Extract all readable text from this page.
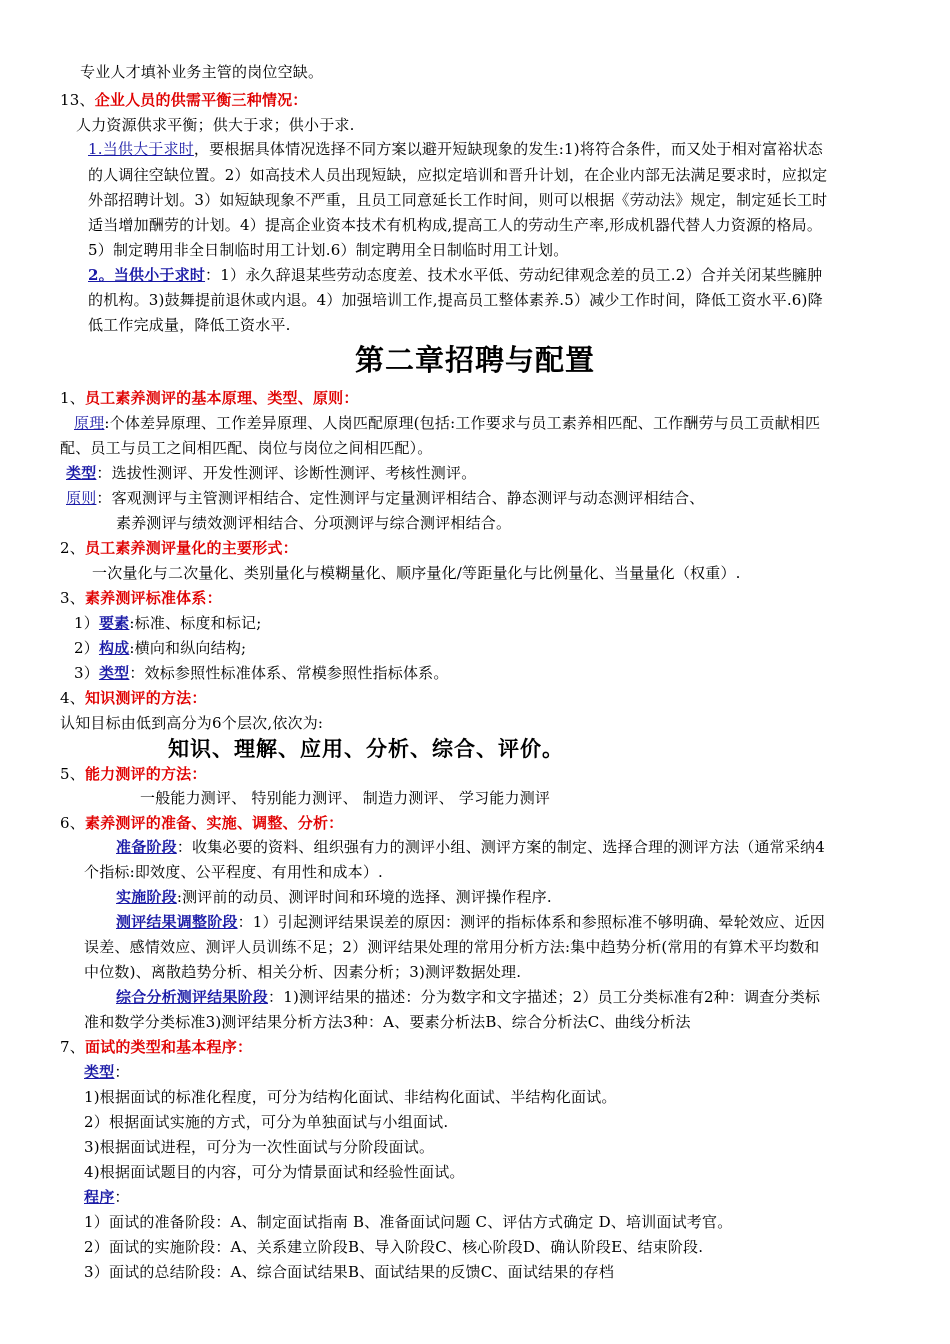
专业人才填补业务主管的岗位空缺。
13、企业人员的供需平衡三种情况：
人力资源供求平衡；供大于求；供小于求.
1.当供大于求时，要根据具体情况选择不同方案以避开短缺现象的发生:1)将符合条件，而又处于相对富裕状态
的人调往空缺位置。2）如高技术人员出现短缺，应拟定培训和晋升计划，在企业内部无法满足要求时，应拟定
外部招聘计划。3）如短缺现象不严重，且员工同意延长工作时间，则可以根据《劳动法》规定，制定延长工时
适当增加酬劳的计划。4）提高企业资本技术有机构成,提高工人的劳动生产率,形成机器代替人力资源的格局。
5）制定聘用非全日制临时用工计划.6）制定聘用全日制临时用工计划。
2。当供小于求时：1）永久辞退某些劳动态度差、技术水平低、劳动纪律观念差的员工.2）合并关闭某些臃肿
的机构。3)鼓舞提前退休或内退。4）加强培训工作,提高员工整体素养.5）减少工作时间，降低工资水平.6)降
低工作完成量，降低工资水平.
第二章招聘与配置
1、员工素养测评的基本原理、类型、原则：
原理:个体差异原理、工作差异原理、人岗匹配原理(包括:工作要求与员工素养相匹配、工作酬劳与员工贡献相匹
配、员工与员工之间相匹配、岗位与岗位之间相匹配）。
类型：选拔性测评、开发性测评、诊断性测评、考核性测评。
原则：客观测评与主管测评相结合、定性测评与定量测评相结合、静态测评与动态测评相结合、
素养测评与绩效测评相结合、分项测评与综合测评相结合。
2、员工素养测评量化的主要形式：
一次量化与二次量化、类别量化与模糊量化、顺序量化/等距量化与比例量化、当量量化（权重）.
3、素养测评标准体系：
1）要素:标准、标度和标记;
2）构成:横向和纵向结构;
3）类型：效标参照性标准体系、常模参照性指标体系。
4、知识测评的方法：
认知目标由低到高分为6个层次,依次为:
知识、理解、应用、分析、综合、评价。
5、能力测评的方法：
一般能力测评、 特别能力测评、 制造力测评、 学习能力测评
6、素养测评的准备、实施、调整、分析：
准备阶段：收集必要的资料、组织强有力的测评小组、测评方案的制定、选择合理的测评方法（通常采纳4
个指标:即效度、公平程度、有用性和成本）.
实施阶段:测评前的动员、测评时间和环境的选择、测评操作程序.
测评结果调整阶段：1）引起测评结果误差的原因：测评的指标体系和参照标准不够明确、晕轮效应、近因
误差、感情效应、测评人员训练不足；2）测评结果处理的常用分析方法:集中趋势分析(常用的有算术平均数和
中位数)、离散趋势分析、相关分析、因素分析；3)测评数据处理.
综合分析测评结果阶段：1)测评结果的描述：分为数字和文字描述；2）员工分类标准有2种：调查分类标
准和数学分类标准3)测评结果分析方法3种：A、要素分析法B、综合分析法C、曲线分析法
7、面试的类型和基本程序：
类型：
1)根据面试的标准化程度，可分为结构化面试、非结构化面试、半结构化面试。
2）根据面试实施的方式，可分为单独面试与小组面试.
3)根据面试进程，可分为一次性面试与分阶段面试。
4)根据面试题目的内容，可分为情景面试和经验性面试。
程序：
1）面试的准备阶段：A、制定面试指南 B、准备面试问题 C、评估方式确定 D、培训面试考官。
2）面试的实施阶段：A、关系建立阶段B、导入阶段C、核心阶段D、确认阶段E、结束阶段.
3）面试的总结阶段：A、综合面试结果B、面试结果的反馈C、面试结果的存档
